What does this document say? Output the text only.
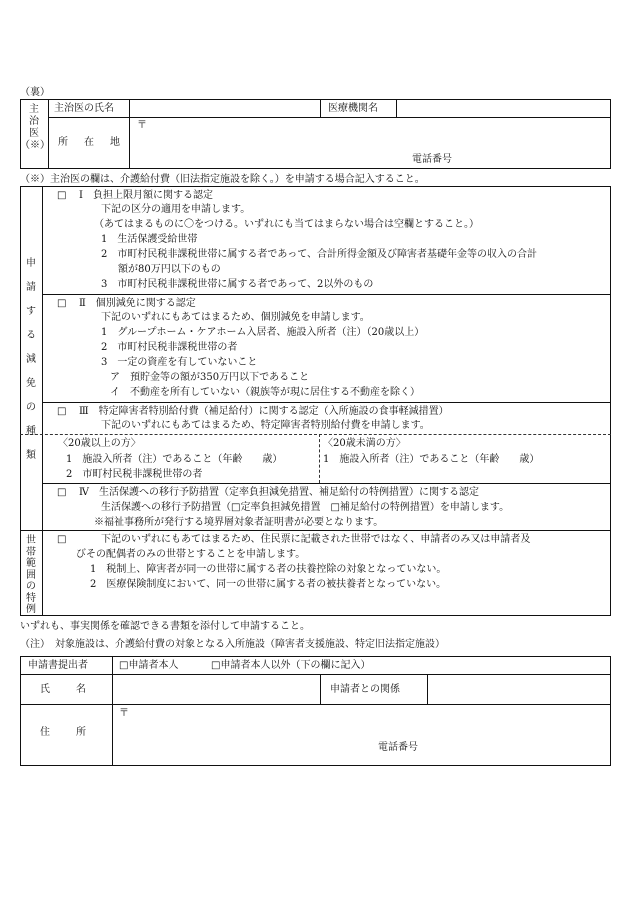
（裏）
主
治
医
（※）
主治医の氏名	医療機関名
所　在　地
〒
電話番号
（※）主治医の欄は、介護給付費（旧法指定施設を除く。）を申請する場合記入すること。
申
請
す
る
減
免
の
種
類
□ Ⅰ　負担上限月額に関する認定
下記の区分の適用を申請します。
（あてはまるものに〇をつける。いずれにも当てはまらない場合は空欄とすること。）
1　生活保護受給世帯
2　市町村民税非課税世帯に属する者であって、合計所得金額及び障害者基礎年金等の収入の合計
額が80万円以下のもの
3　市町村民税非課税世帯に属する者であって、2以外のもの
□ Ⅱ　個別減免に関する認定
下記のいずれにもあてはまるため、個別減免を申請します。
1　グループホーム・ケアホーム入居者、施設入所者（注）（20歳以上）
2　市町村民税非課税世帯の者
3　一定の資産を有していないこと
ア　預貯金等の額が350万円以下であること
イ　不動産を所有していない（親族等が現に居住する不動産を除く）
□ Ⅲ　特定障害者特別給付費（補足給付）に関する認定（入所施設の食事軽減措置）
下記のいずれにもあてはまるため、特定障害者特別給付費を申請します。
〈20歳以上の方〉
1　施設入所者（注）であること（年齢　　歳）
2　市町村民税非課税世帯の者
〈20歳未満の方〉
1　施設入所者（注）であること（年齢　　歳）
□ Ⅳ　生活保護への移行予防措置（定率負担減免措置、補足給付の特例措置）に関する認定
生活保護への移行予防措置（□定率負担減免措置　□補足給付の特例措置）を申請します。
※福祉事務所が発行する境界層対象者証明書が必要となります。
世
帯
範
囲
の
特
例
□	下記のいずれにもあてはまるため、住民票に記載された世帯ではなく、申請者のみ又は申請者及
びその配偶者のみの世帯とすることを申請します。
1　税制上、障害者が同一の世帯に属する者の扶養控除の対象となっていない。
2　医療保険制度において、同一の世帯に属する者の被扶養者となっていない。
いずれも、事実関係を確認できる書類を添付して申請すること。
（注）　対象施設は、介護給付費の対象となる入所施設（障害者支援施設、特定旧法指定施設）
申請書提出者	□申請者本人	□申請者本人以外（下の欄に記入）
氏　　名	申請者との関係
住　　所
〒
電話番号
